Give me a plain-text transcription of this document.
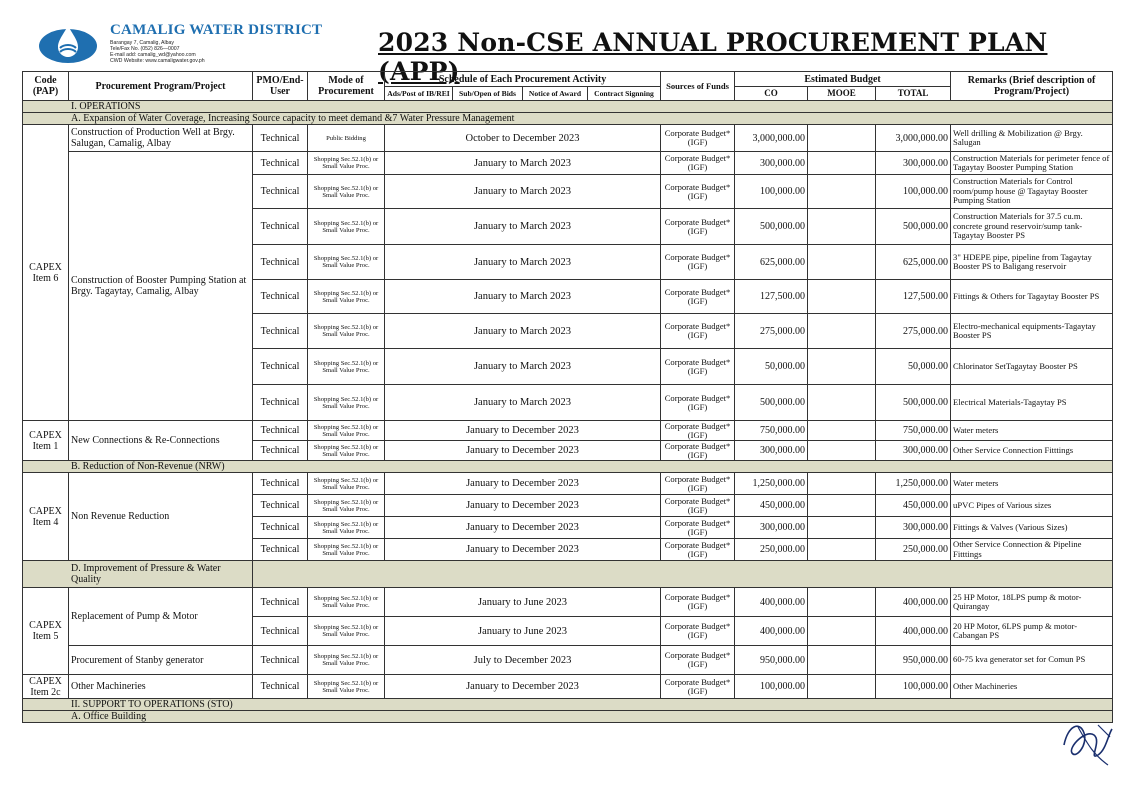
CAMALIG WATER DISTRICT
Barangay 7, Camalig, Albay
Tele/Fax No. (052) 826—0007
E-mail add: camalig_wd@yahoo.com
CWD Website: www.camaligwater.gov.ph
2023 Non-CSE ANNUAL PROCUREMENT PLAN (APP)
Code (PAP)	Procurement Program/Project	PMO/End-User	Mode of Procurement	Schedule of Each Procurement Activity				Sources of Funds	Estimated Budget			Remarks (Brief description of Program/Project)
				Ads/Post of IB/REI	Sub/Open of Bids	Notice of Award	Contract Signning		CO	MOOE	TOTAL	
I. OPERATIONS												
A. Expansion of Water Coverage, Increasing Source capacity to meet demand &7 Water Pressure Management												
CAPEX Item 6	Construction of Production Well at Brgy. Salugan, Camalig, Albay	Technical	Public Bidding	October to December 2023				Corporate Budget*(IGF)	3,000,000.00		3,000,000.00	Well drilling & Mobilization @ Brgy. Salugan
	Construction of Booster Pumping Station at Brgy. Tagaytay, Camalig, Albay	Technical	Shopping Sec.52.1(b) or Small Value Proc.	January to March 2023				Corporate Budget*(IGF)	300,000.00		300,000.00	Construction Materials for perimeter fence of Tagaytay Booster Pumping Station
		Technical	Shopping Sec.52.1(b) or Small Value Proc.	January to March 2023				Corporate Budget*(IGF)	100,000.00		100,000.00	Construction Materials for Control room/pump house @ Tagaytay Booster Pumping Station
		Technical	Shopping Sec.52.1(b) or Small Value Proc.	January to March 2023				Corporate Budget*(IGF)	500,000.00		500,000.00	Construction Materials for 37.5 cu.m. concrete ground reservoir/sump tank-Tagaytay Booster PS
		Technical	Shopping Sec.52.1(b) or Small Value Proc.	January to March 2023				Corporate Budget*(IGF)	625,000.00		625,000.00	3" HDEPE pipe, pipeline from Tagaytay Booster PS to Baligang reservoir
		Technical	Shopping Sec.52.1(b) or Small Value Proc.	January to March 2023				Corporate Budget*(IGF)	127,500.00		127,500.00	Fittings & Others for Tagaytay Booster PS
		Technical	Shopping Sec.52.1(b) or Small Value Proc.	January to March 2023				Corporate Budget*(IGF)	275,000.00		275,000.00	Electro-mechanical equipments-Tagaytay Booster PS
		Technical	Shopping Sec.52.1(b) or Small Value Proc.	January to March 2023				Corporate Budget*(IGF)	50,000.00		50,000.00	Chlorinator SetTagaytay Booster PS
		Technical	Shopping Sec.52.1(b) or Small Value Proc.	January to March 2023				Corporate Budget*(IGF)	500,000.00		500,000.00	Electrical Materials-Tagaytay PS
CAPEX Item 1	New Connections & Re-Connections	Technical	Shopping Sec.52.1(b) or Small Value Proc.	January to December 2023				Corporate Budget*(IGF)	750,000.00		750,000.00	Water meters
		Technical	Shopping Sec.52.1(b) or Small Value Proc.	January to December 2023				Corporate Budget*(IGF)	300,000.00		300,000.00	Other Service Connection Fitttings
B. Reduction of Non-Revenue (NRW)												
CAPEX Item 4	Non Revenue Reduction	Technical	Shopping Sec.52.1(b) or Small Value Proc.	January to December 2023				Corporate Budget*(IGF)	1,250,000.00		1,250,000.00	Water meters
		Technical	Shopping Sec.52.1(b) or Small Value Proc.	January to December 2023				Corporate Budget*(IGF)	450,000.00		450,000.00	uPVC Pipes of Various sizes
		Technical	Shopping Sec.52.1(b) or Small Value Proc.	January to December 2023				Corporate Budget*(IGF)	300,000.00		300,000.00	Fittings & Valves (Various Sizes)
		Technical	Shopping Sec.52.1(b) or Small Value Proc.	January to December 2023				Corporate Budget*(IGF)	250,000.00		250,000.00	Other Service Connection & Pipeline Fitttings
D. Improvement of Pressure & Water Quality												
CAPEX Item 5	Replacement of Pump & Motor	Technical	Shopping Sec.52.1(b) or Small Value Proc.	January to June 2023				Corporate Budget*(IGF)	400,000.00		400,000.00	25 HP Motor, 18LPS pump & motor-Quirangay
		Technical	Shopping Sec.52.1(b) or Small Value Proc.	January to June 2023				Corporate Budget*(IGF)	400,000.00		400,000.00	20 HP Motor, 6LPS pump & motor-Cabangan PS
	Procurement of Stanby generator	Technical	Shopping Sec.52.1(b) or Small Value Proc.	July to December 2023				Corporate Budget*(IGF)	950,000.00		950,000.00	60-75 kva generator set for Comun PS
CAPEX Item 2c	Other Machineries	Technical	Shopping Sec.52.1(b) or Small Value Proc.	January to December 2023				Corporate Budget*(IGF)	100,000.00		100,000.00	Other Machineries
II. SUPPORT TO OPERATIONS (STO)												
A. Office Building												
